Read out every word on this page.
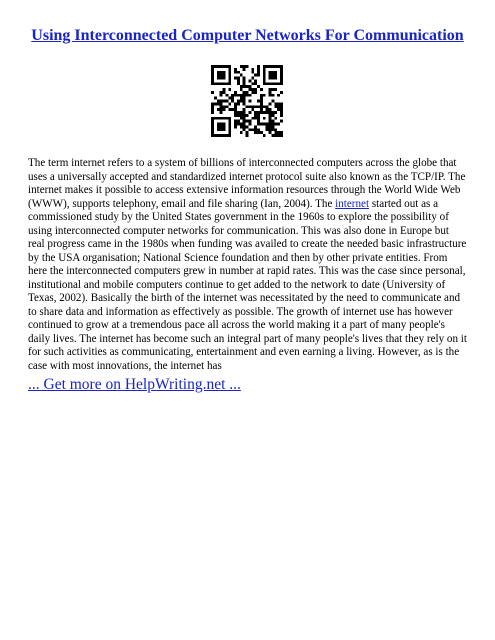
Using Interconnected Computer Networks For Communication

The term internet refers to a system of billions of interconnected computers across the globe that uses a universally accepted and standardized internet protocol suite also known as the TCP/IP. The internet makes it possible to access extensive information resources through the World Wide Web (WWW), supports telephony, email and file sharing (Ian, 2004). The internet started out as a commissioned study by the United States government in the 1960s to explore the possibility of using interconnected computer networks for communication. This was also done in Europe but real progress came in the 1980s when funding was availed to create the needed basic infrastructure by the USA organisation; National Science foundation and then by other private entities. From here the interconnected computers grew in number at rapid rates. This was the case since personal, institutional and mobile computers continue to get added to the network to date (University of Texas, 2002). Basically the birth of the internet was necessitated by the need to communicate and to share data and information as effectively as possible. The growth of internet use has however continued to grow at a tremendous pace all across the world making it a part of many people's daily lives. The internet has become such an integral part of many people's lives that they rely on it for such activities as communicating, entertainment and even earning a living. However, as is the case with most innovations, the internet has

... Get more on HelpWriting.net ...
